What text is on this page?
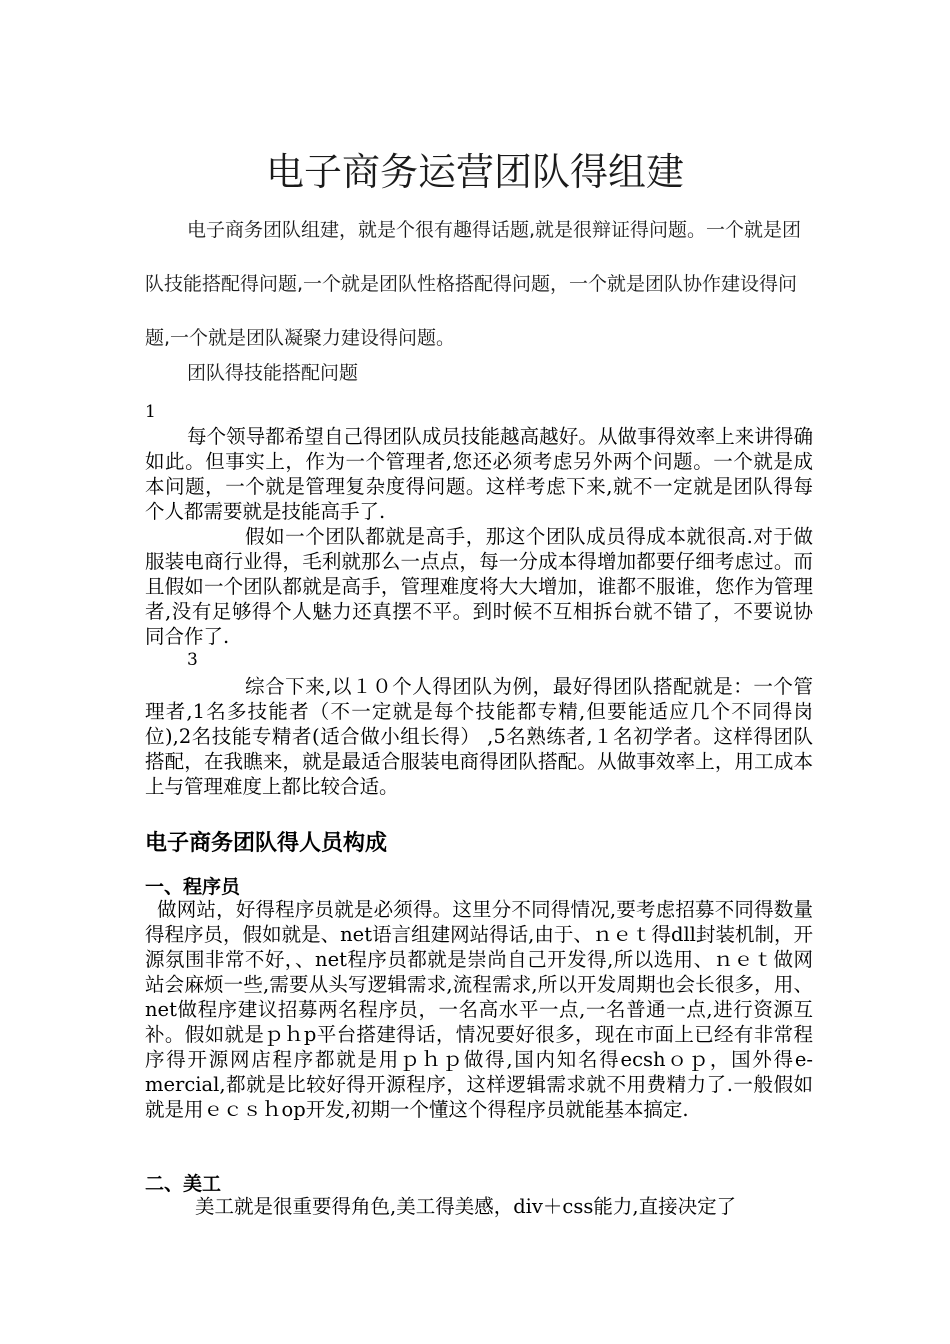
电子商务运营团队得组建
电子商务团队组建，就是个很有趣得话题,就是很辩证得问题。一个就是团队技能搭配得问题,一个就是团队性格搭配得问题，一个就是团队协作建设得问题,一个就是团队凝聚力建设得问题。
团队得技能搭配问题
1
每个领导都希望自己得团队成员技能越高越好。从做事得效率上来讲得确如此。但事实上，作为一个管理者,您还必须考虑另外两个问题。一个就是成本问题，一个就是管理复杂度得问题。这样考虑下来,就不一定就是团队得每个人都需要就是技能高手了.
假如一个团队都就是高手，那这个团队成员得成本就很高.对于做服装电商行业得，毛利就那么一点点，每一分成本得增加都要仔细考虑过。而且假如一个团队都就是高手，管理难度将大大增加，谁都不服谁，您作为管理者,没有足够得个人魅力还真摆不平。到时候不互相拆台就不错了，不要说协同合作了.
3
综合下来,以１０个人得团队为例，最好得团队搭配就是：一个管理者,1名多技能者（不一定就是每个技能都专精,但要能适应几个不同得岗位),2名技能专精者(适合做小组长得） ,5名熟练者,１名初学者。这样得团队搭配，在我瞧来，就是最适合服装电商得团队搭配。从做事效率上，用工成本上与管理难度上都比较合适。
电子商务团队得人员构成
一、程序员
做网站，好得程序员就是必须得。这里分不同得情况,要考虑招募不同得数量得程序员，假如就是、net语言组建网站得话,由于、ｎｅｔ得dll封装机制，开源氛围非常不好，、net程序员都就是崇尚自己开发得,所以选用、ｎｅｔ做网站会麻烦一些,需要从头写逻辑需求,流程需求,所以开发周期也会长很多，用、net做程序建议招募两名程序员，一名高水平一点,一名普通一点,进行资源互补。假如就是ｐｈp平台搭建得话，情况要好很多，现在市面上已经有非常程序得开源网店程序都就是用ｐｈｐ做得,国内知名得ecshｏｐ，国外得e-mercial,都就是比较好得开源程序，这样逻辑需求就不用费精力了.一般假如就是用ｅｃｓｈop开发,初期一个懂这个得程序员就能基本搞定.
二、美工
美工就是很重要得角色,美工得美感，div＋css能力,直接决定了
